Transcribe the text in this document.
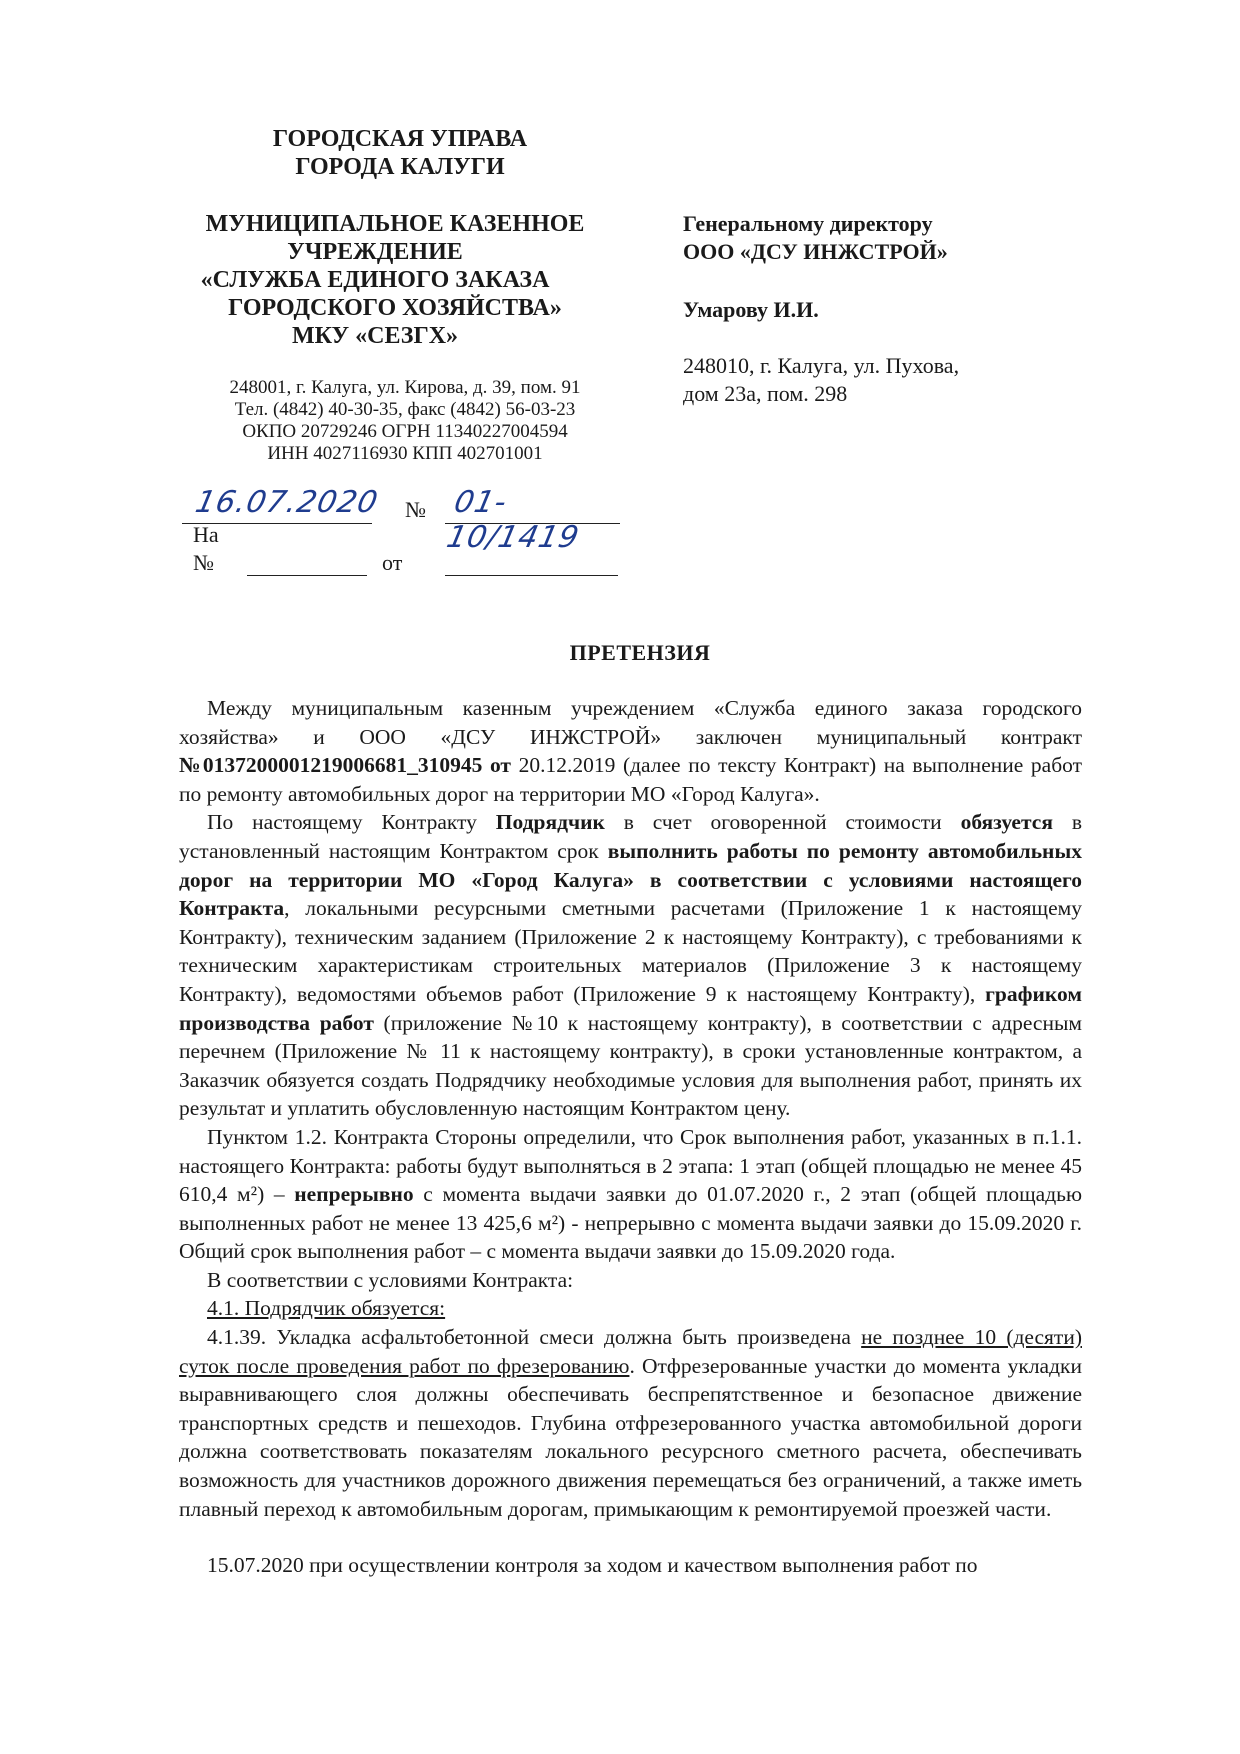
ГОРОДСКАЯ УПРАВА
ГОРОДА КАЛУГИ
МУНИЦИПАЛЬНОЕ КАЗЕННОЕ
УЧРЕЖДЕНИЕ
«СЛУЖБА ЕДИНОГО ЗАКАЗА
ГОРОДСКОГО ХОЗЯЙСТВА»
МКУ «СЕЗГХ»
248001, г. Калуга, ул. Кирова, д. 39, пом. 91
Тел. (4842) 40-30-35, факс (4842) 56-03-23
ОКПО 20729246 ОГРН 11340227004594
ИНН 4027116930 КПП 402701001
16.07.2020 № 01-10/1419
На
№	от
Генеральному директору
ООО «ДСУ ИНЖСТРОЙ»
Умарову И.И.
248010, г. Калуга, ул. Пухова,
дом 23а, пом. 298
ПРЕТЕНЗИЯ

Между муниципальным казенным учреждением «Служба единого заказа городского хозяйства» и ООО «ДСУ ИНЖСТРОЙ» заключен муниципальный контракт №0137200001219006681_310945 от 20.12.2019 (далее по тексту Контракт) на выполнение работ по ремонту автомобильных дорог на территории МО «Город Калуга».

По настоящему Контракту Подрядчик в счет оговоренной стоимости обязуется в установленный настоящим Контрактом срок выполнить работы по ремонту автомобильных дорог на территории МО «Город Калуга» в соответствии с условиями настоящего Контракта, локальными ресурсными сметными расчетами (Приложение 1 к настоящему Контракту), техническим заданием (Приложение 2 к настоящему Контракту), с требованиями к техническим характеристикам строительных материалов (Приложение 3 к настоящему Контракту), ведомостями объемов работ (Приложение 9 к настоящему Контракту), графиком производства работ (приложение №10 к настоящему контракту), в соответствии с адресным перечнем (Приложение № 11 к настоящему контракту), в сроки установленные контрактом, а Заказчик обязуется создать Подрядчику необходимые условия для выполнения работ, принять их результат и уплатить обусловленную настоящим Контрактом цену.

Пунктом 1.2. Контракта Стороны определили, что Срок выполнения работ, указанных в п.1.1. настоящего Контракта: работы будут выполняться в 2 этапа: 1 этап (общей площадью не менее 45 610,4 м²) – непрерывно с момента выдачи заявки до 01.07.2020 г., 2 этап (общей площадью выполненных работ не менее 13 425,6 м²) - непрерывно с момента выдачи заявки до 15.09.2020 г. Общий срок выполнения работ – с момента выдачи заявки до 15.09.2020 года.

В соответствии с условиями Контракта:

4.1. Подрядчик обязуется:

4.1.39. Укладка асфальтобетонной смеси должна быть произведена не позднее 10 (десяти) суток после проведения работ по фрезерованию. Отфрезерованные участки до момента укладки выравнивающего слоя должны обеспечивать беспрепятственное и безопасное движение транспортных средств и пешеходов. Глубина отфрезерованного участка автомобильной дороги должна соответствовать показателям локального ресурсного сметного расчета, обеспечивать возможность для участников дорожного движения перемещаться без ограничений, а также иметь плавный переход к автомобильным дорогам, примыкающим к ремонтируемой проезжей части.

15.07.2020 при осуществлении контроля за ходом и качеством выполнения работ по
